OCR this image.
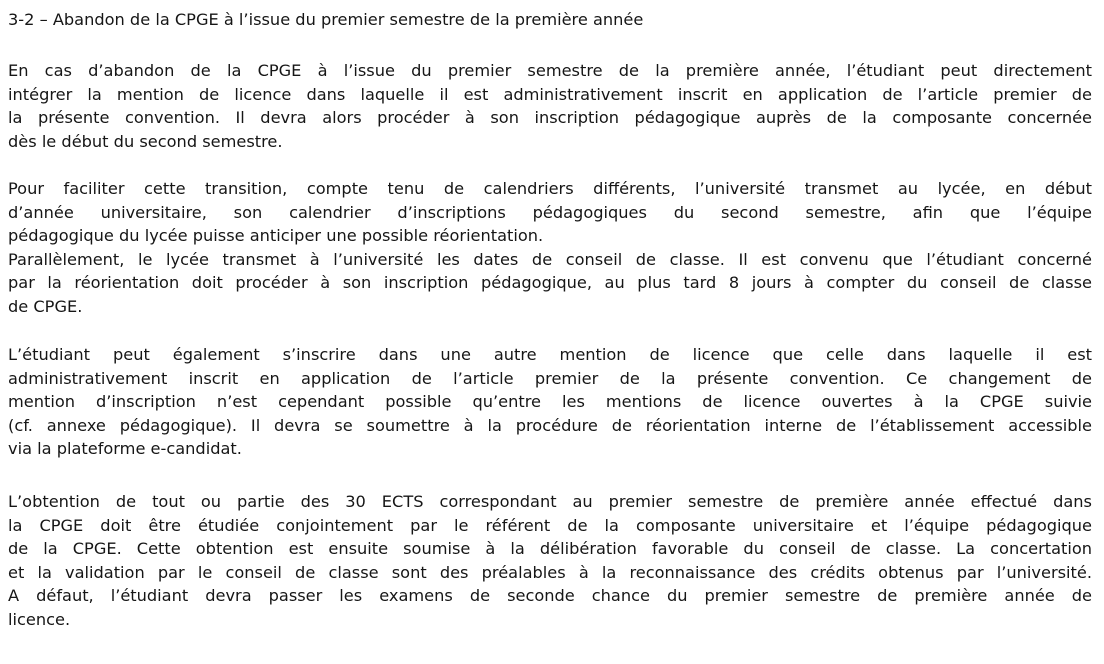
3-2 – Abandon de la CPGE à l’issue du premier semestre de la première année
En cas d’abandon de la CPGE à l’issue du premier semestre de la première année, l’étudiant peut directement
intégrer la mention de licence dans laquelle il est administrativement inscrit en application de l’article premier de
la présente convention. Il devra alors procéder à son inscription pédagogique auprès de la composante concernée
dès le début du second semestre.
Pour faciliter cette transition, compte tenu de calendriers différents, l’université transmet au lycée, en début
d’année universitaire, son calendrier d’inscriptions pédagogiques du second semestre, afin que l’équipe
pédagogique du lycée puisse anticiper une possible réorientation.
Parallèlement, le lycée transmet à l’université les dates de conseil de classe. Il est convenu que l’étudiant concerné
par la réorientation doit procéder à son inscription pédagogique, au plus tard 8 jours à compter du conseil de classe
de CPGE.
L’étudiant peut également s’inscrire dans une autre mention de licence que celle dans laquelle il est
administrativement inscrit en application de l’article premier de la présente convention. Ce changement de
mention d’inscription n’est cependant possible qu’entre les mentions de licence ouvertes à la CPGE suivie
(cf. annexe pédagogique). Il devra se soumettre à la procédure de réorientation interne de l’établissement accessible
via la plateforme e-candidat.
L’obtention de tout ou partie des 30 ECTS correspondant au premier semestre de première année effectué dans
la CPGE doit être étudiée conjointement par le référent de la composante universitaire et l’équipe pédagogique
de la CPGE. Cette obtention est ensuite soumise à la délibération favorable du conseil de classe. La concertation
et la validation par le conseil de classe sont des préalables à la reconnaissance des crédits obtenus par l’université.
A défaut, l’étudiant devra passer les examens de seconde chance du premier semestre de première année de
licence.
